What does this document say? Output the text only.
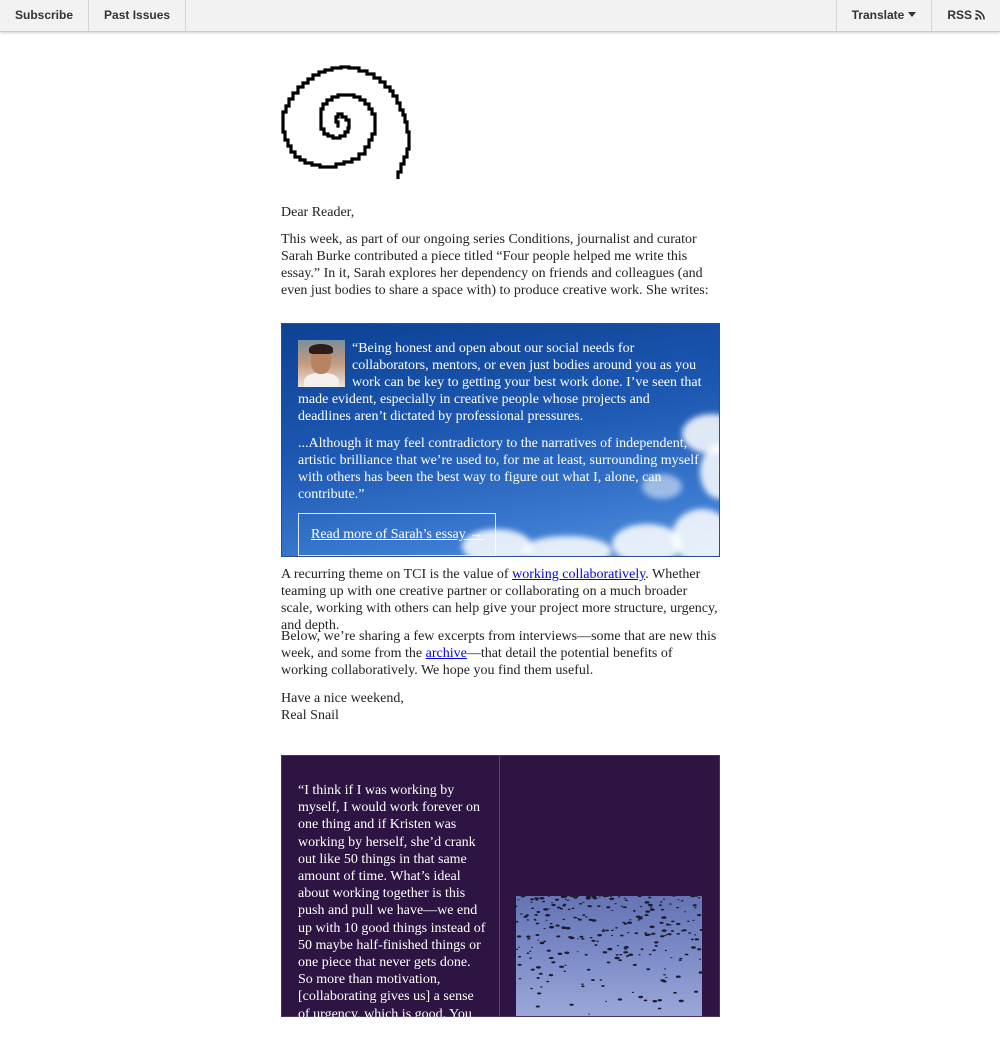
Subscribe	Past Issues	Translate	RSS

Dear Reader,

This week, as part of our ongoing series Conditions, journalist and curator Sarah Burke contributed a piece titled “Four people helped me write this essay.” In it, Sarah explores her dependency on friends and colleagues (and even just bodies to share a space with) to produce creative work. She writes:

“Being honest and open about our social needs for collaborators, mentors, or even just bodies around you as you work can be key to getting your best work done. I’ve seen that made evident, especially in creative people whose projects and deadlines aren’t dictated by professional pressures.

...Although it may feel contradictory to the narratives of independent, artistic brilliance that we’re used to, for me at least, surrounding myself with others has been the best way to figure out what I, alone, can contribute.”

Read more of Sarah’s essay →

A recurring theme on TCI is the value of working collaboratively. Whether teaming up with one creative partner or collaborating on a much broader scale, working with others can help give your project more structure, urgency, and depth.

Below, we’re sharing a few excerpts from interviews—some that are new this week, and some from the archive—that detail the potential benefits of working collaboratively. We hope you find them useful.

Have a nice weekend,
Real Snail

“I think if I was working by myself, I would work forever on one thing and if Kristen was working by herself, she’d crank out like 50 things in that same amount of time. What’s ideal about working together is this push and pull we have—we end up with 10 good things instead of 50 maybe half-finished things or one piece that never gets done. So more than motivation, [collaborating gives us] a sense of urgency, which is good. You need to have that to
